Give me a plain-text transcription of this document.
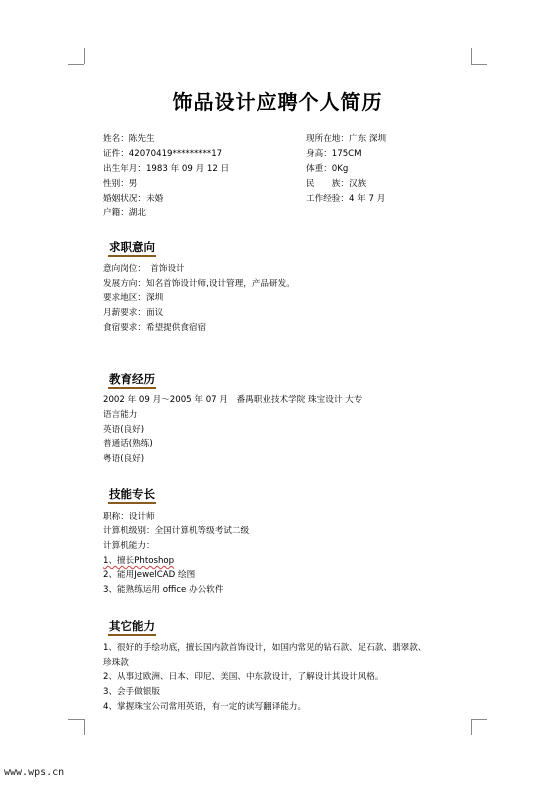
饰品设计应聘个人简历
姓名：陈先生
证件：42070419*********17
出生年月：1983 年 09 月 12 日
性别：男
婚姻状况：未婚
户籍：湖北
现所在地：广东 深圳
身高：175CM
体重：0Kg
民　　族：汉族
工作经验：4 年 7 月
求职意向
意向岗位：　首饰设计
发展方向：知名首饰设计师,设计管理，产品研发。
要求地区：深圳
月薪要求：面议
食宿要求：希望提供食宿宿
教育经历
2002 年 09 月～2005 年 07 月　番禺职业技术学院 珠宝设计 大专
语言能力
英语(良好)
普通话(熟练)
粤语(良好)
技能专长
职称：设计师
计算机级别：全国计算机等级考试二级
计算机能力：
1、擅长Phtoshop
2、能用JewelCAD 绘图
3、能熟练运用 office 办公软件
其它能力
1、很好的手绘功底，擅长国内款首饰设计，如国内常见的钻石款、足石款、翡翠款、
珍珠款
2、从事过欧洲、日本、印尼、美国、中东款设计，了解设计其设计风格。
3、会手做银版
4、掌握珠宝公司常用英语，有一定的读写翻译能力。
www.wps.cn
